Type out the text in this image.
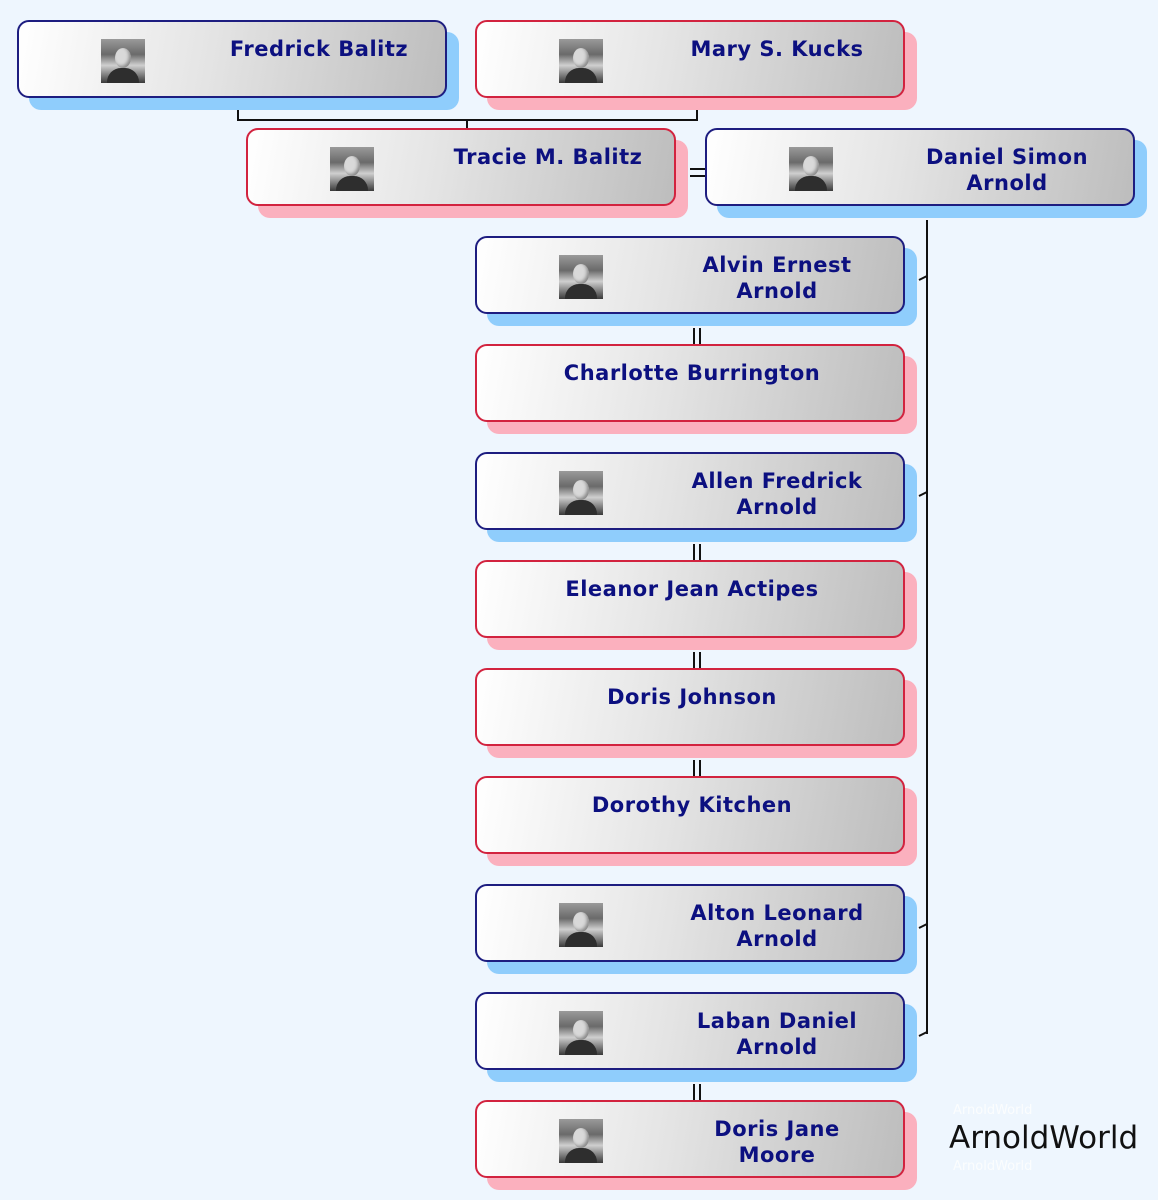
Fredrick Balitz	Mary S. Kucks
Tracie M. Balitz	Daniel Simon
Arnold
Alvin Ernest
Arnold
Charlotte Burrington
Allen Fredrick
Arnold
Eleanor Jean Actipes
Doris Johnson
Dorothy Kitchen
Alton Leonard
Arnold
Laban Daniel
Arnold
Doris Jane
Moore	ArnoldWorld
ArnoldWorld
ArnoldWorld
